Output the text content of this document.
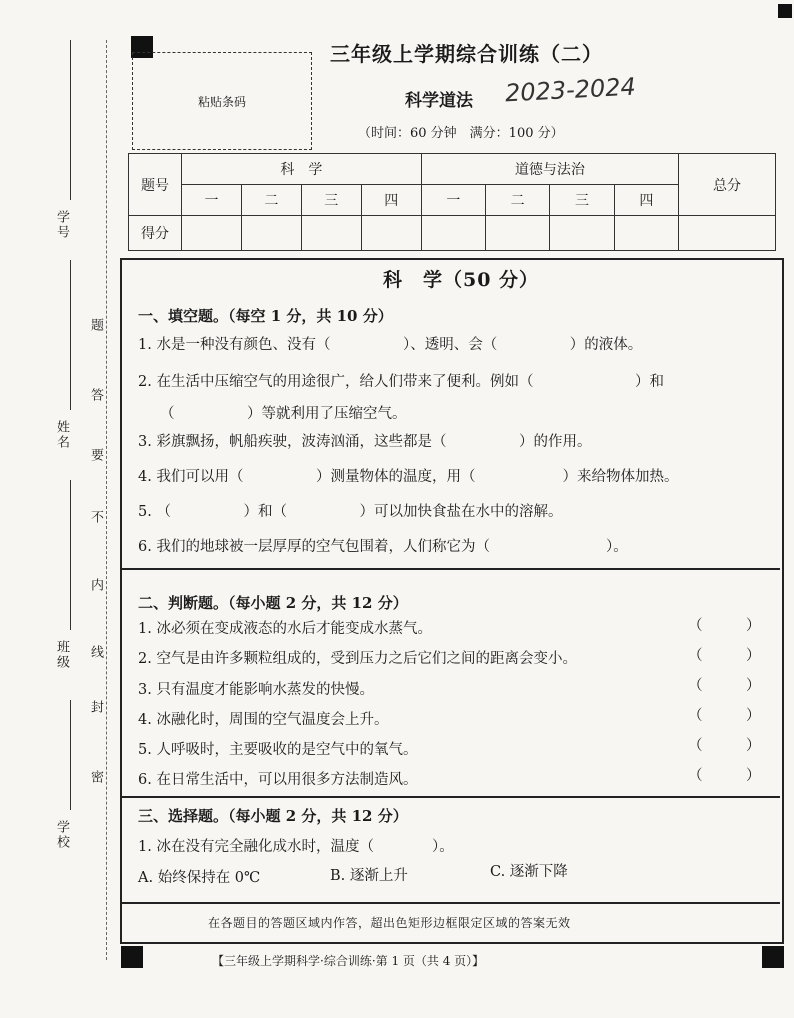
学号
姓名
班级
学校
题
答
要
不
内
线
封
密
粘贴条码
三年级上学期综合训练（二）
科学道法 2023-2024
（时间：60 分钟　满分：100 分）
题号	科　学				道德与法治				总分
	一	二	三	四	一	二	三	四	
得分									
科　学（50 分）
一、填空题。（每空 1 分，共 10 分）
1. 水是一种没有颜色、没有（　　　　　）、透明、会（　　　　　）的液体。
2. 在生活中压缩空气的用途很广，给人们带来了便利。例如（　　　　　　　）和
（　　　　　）等就利用了压缩空气。
3. 彩旗飘扬，帆船疾驶，波涛汹涌，这些都是（　　　　　）的作用。
4. 我们可以用（　　　　　）测量物体的温度，用（　　　　　　）来给物体加热。
5. （　　　　　）和（　　　　　）可以加快食盐在水中的溶解。
6. 我们的地球被一层厚厚的空气包围着，人们称它为（　　　　　　　　）。
二、判断题。（每小题 2 分，共 12 分）
1. 冰必须在变成液态的水后才能变成水蒸气。	（　　　）
2. 空气是由许多颗粒组成的，受到压力之后它们之间的距离会变小。	（　　　）
3. 只有温度才能影响水蒸发的快慢。	（　　　）
4. 冰融化时，周围的空气温度会上升。	（　　　）
5. 人呼吸时，主要吸收的是空气中的氧气。	（　　　）
6. 在日常生活中，可以用很多方法制造风。	（　　　）
三、选择题。（每小题 2 分，共 12 分）
1. 冰在没有完全融化成水时，温度（　　　　）。
A. 始终保持在 0℃	B. 逐渐上升	C. 逐渐下降
在各题目的答题区域内作答，超出色矩形边框限定区域的答案无效
【三年级上学期科学·综合训练·第 1 页（共 4 页）】
